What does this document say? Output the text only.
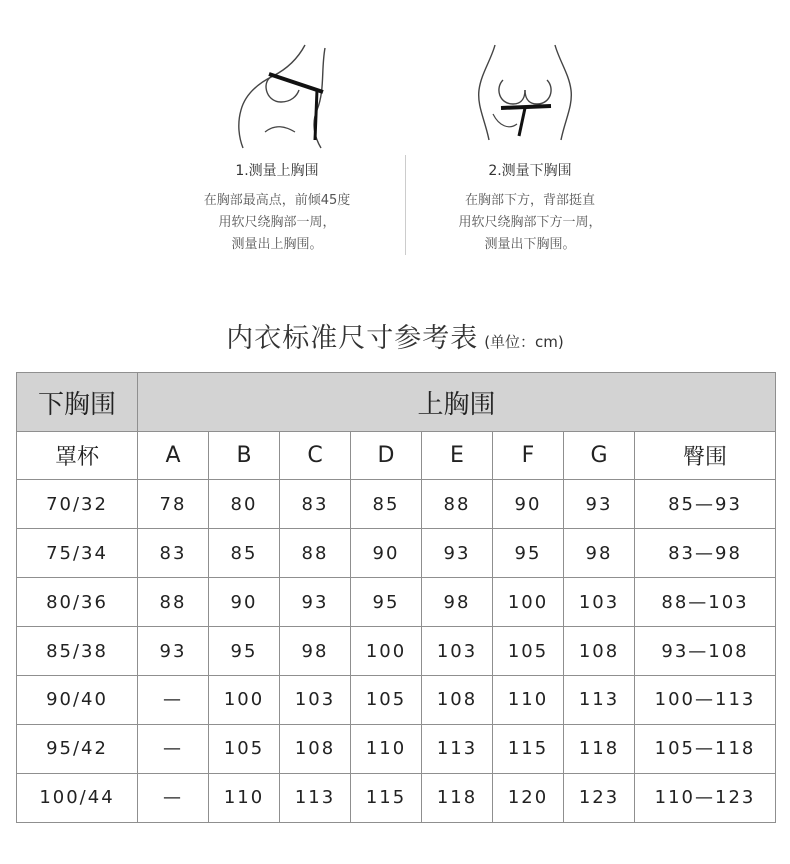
1.测量上胸围
在胸部最高点，前倾45度
用软尺绕胸部一周，
测量出上胸围。
2.测量下胸围
在胸部下方，背部挺直
用软尺绕胸部下方一周，
测量出下胸围。
内衣标准尺寸参考表 (单位：cm)
下胸围	上胸围							
罩杯	A	B	C	D	E	F	G	臀围
70/32	78	80	83	85	88	90	93	85—93
75/34	83	85	88	90	93	95	98	83—98
80/36	88	90	93	95	98	100	103	88—103
85/38	93	95	98	100	103	105	108	93—108
90/40	—	100	103	105	108	110	113	100—113
95/42	—	105	108	110	113	115	118	105—118
100/44	—	110	113	115	118	120	123	110—123
